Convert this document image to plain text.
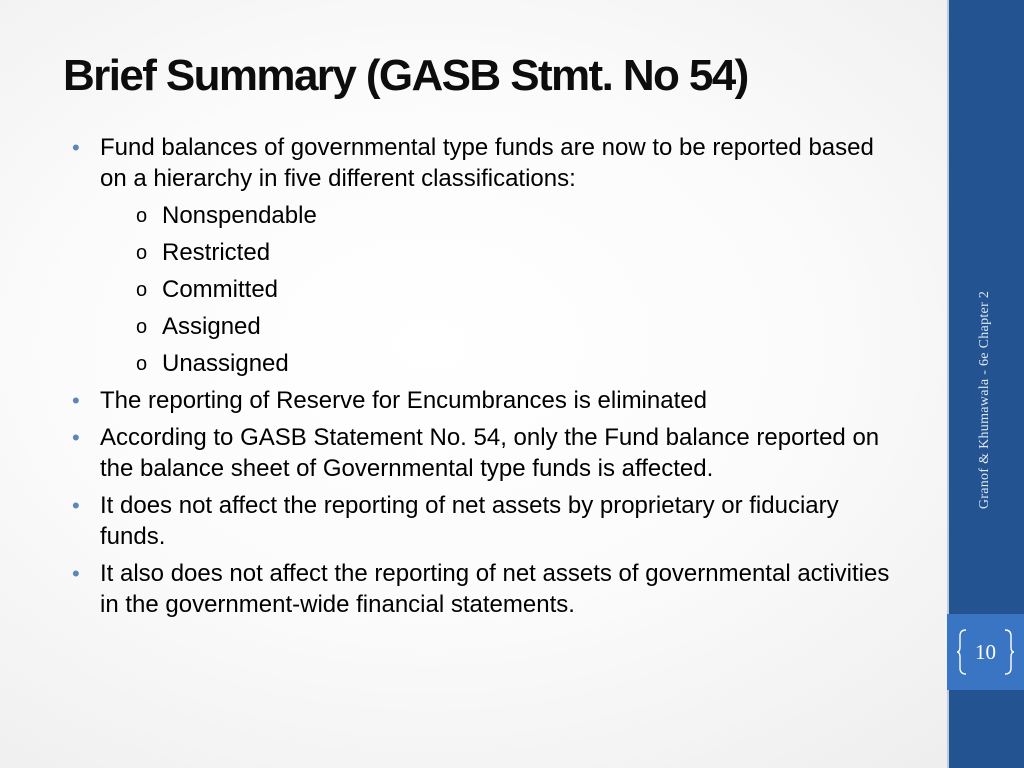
Brief Summary (GASB Stmt. No 54)
• Fund balances of governmental type funds are now to be reported based on a hierarchy in five different classifications:
o Nonspendable
o Restricted
o Committed
o Assigned
o Unassigned
• The reporting of Reserve for Encumbrances is eliminated
• According to GASB Statement No. 54, only the Fund balance reported on the balance sheet of Governmental type funds is affected.
• It does not affect the reporting of net assets by proprietary or fiduciary funds.
• It also does not affect the reporting of net assets of governmental activities in the government-wide financial statements.
Granof & Khumawala - 6e Chapter 2
10
